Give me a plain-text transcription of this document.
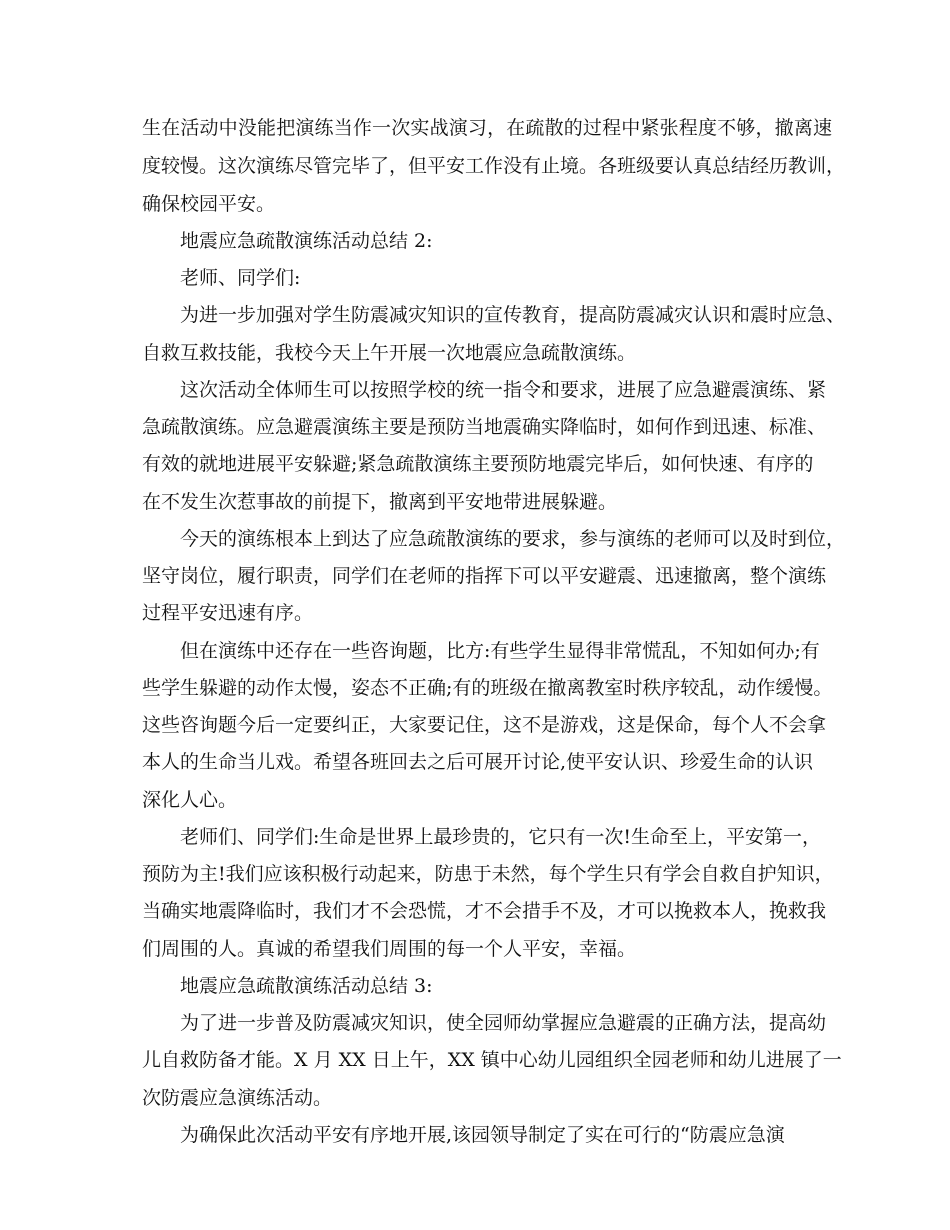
生在活动中没能把演练当作一次实战演习，在疏散的过程中紧张程度不够，撤离速
度较慢。这次演练尽管完毕了，但平安工作没有止境。各班级要认真总结经历教训，
确保校园平安。
地震应急疏散演练活动总结 2:
老师、同学们:
为进一步加强对学生防震减灾知识的宣传教育，提高防震减灾认识和震时应急、
自救互救技能，我校今天上午开展一次地震应急疏散演练。
这次活动全体师生可以按照学校的统一指令和要求，进展了应急避震演练、紧
急疏散演练。应急避震演练主要是预防当地震确实降临时，如何作到迅速、标准、
有效的就地进展平安躲避;紧急疏散演练主要预防地震完毕后，如何快速、有序的
在不发生次惹事故的前提下，撤离到平安地带进展躲避。
今天的演练根本上到达了应急疏散演练的要求，参与演练的老师可以及时到位，
坚守岗位，履行职责，同学们在老师的指挥下可以平安避震、迅速撤离，整个演练
过程平安迅速有序。
但在演练中还存在一些咨询题，比方:有些学生显得非常慌乱，不知如何办;有
些学生躲避的动作太慢，姿态不正确;有的班级在撤离教室时秩序较乱，动作缓慢。
这些咨询题今后一定要纠正，大家要记住，这不是游戏，这是保命，每个人不会拿
本人的生命当儿戏。希望各班回去之后可展开讨论,使平安认识、珍爱生命的认识
深化人心。
老师们、同学们:生命是世界上最珍贵的，它只有一次!生命至上，平安第一，
预防为主!我们应该积极行动起来，防患于未然，每个学生只有学会自救自护知识，
当确实地震降临时，我们才不会恐慌，才不会措手不及，才可以挽救本人，挽救我
们周围的人。真诚的希望我们周围的每一个人平安，幸福。
地震应急疏散演练活动总结 3:
为了进一步普及防震减灾知识，使全园师幼掌握应急避震的正确方法，提高幼
儿自救防备才能。X 月 XX 日上午，XX 镇中心幼儿园组织全园老师和幼儿进展了一
次防震应急演练活动。
为确保此次活动平安有序地开展,该园领导制定了实在可行的“防震应急演
